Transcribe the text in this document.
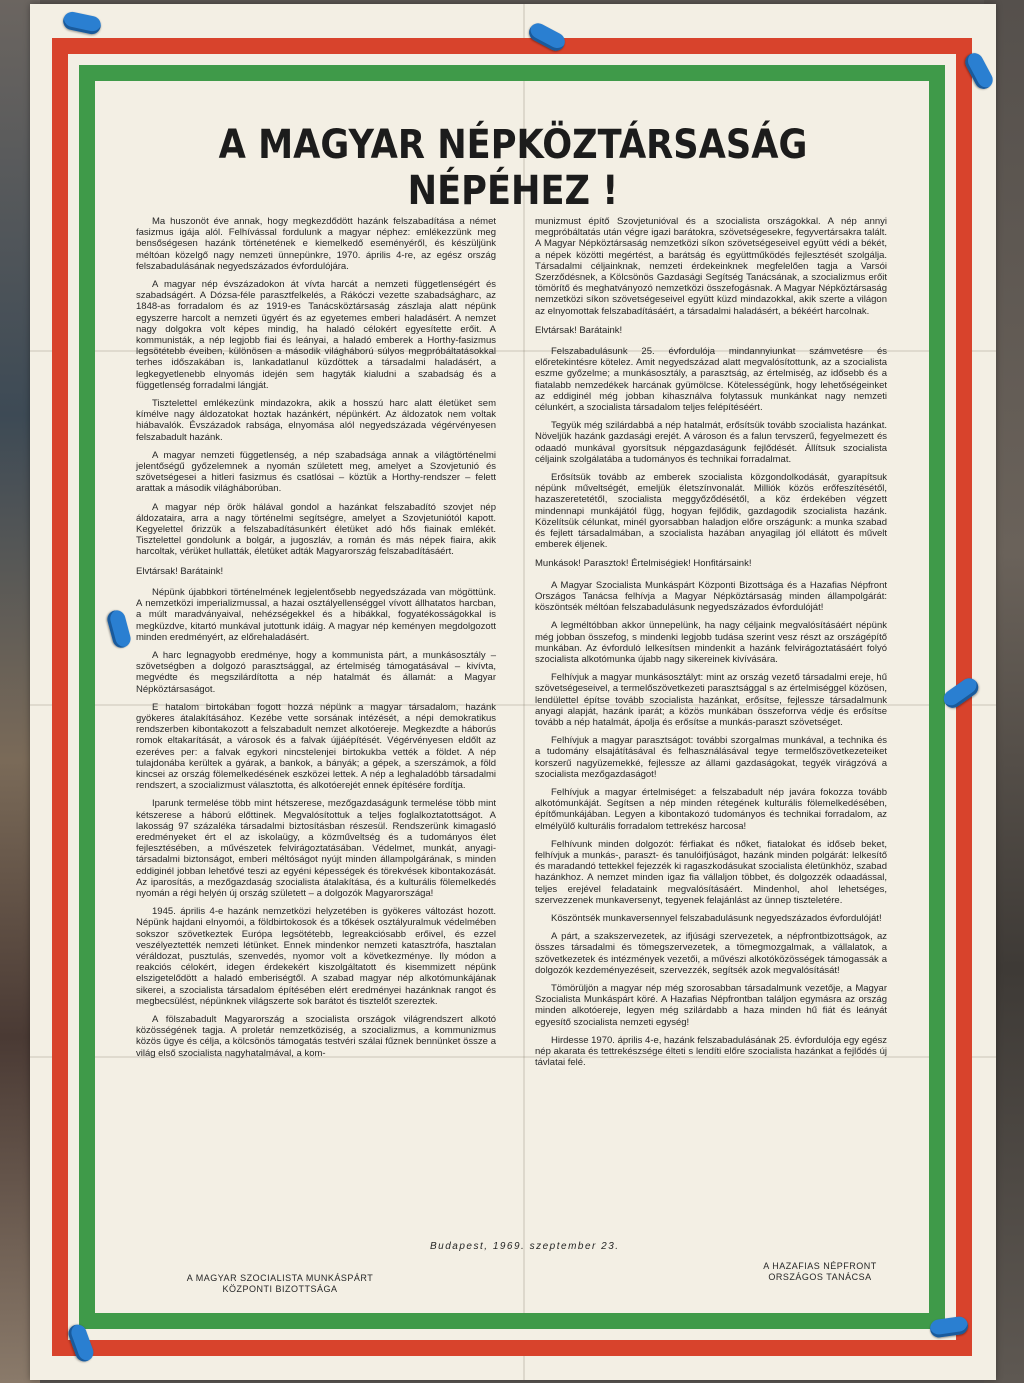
A MAGYAR NÉPKÖZTÁRSASÁG NÉPÉHEZ !

Ma huszonöt éve annak, hogy megkezdődött hazánk felszabadítása a német fasizmus igája alól. Felhívással fordulunk a magyar néphez: emlékezzünk meg bensőségesen hazánk történetének e kiemelkedő eseményéről, és készüljünk méltóan közelgő nagy nemzeti ünnepünkre, 1970. április 4-re, az egész ország felszabadulásának negyedszázados évfordulójára.

A magyar nép évszázadokon át vívta harcát a nemzeti függetlenségért és szabadságért. A Dózsa-féle parasztfelkelés, a Rákóczi vezette szabadságharc, az 1848-as forradalom és az 1919-es Tanácsköztársaság zászlaja alatt népünk egyszerre harcolt a nemzeti ügyért és az egyetemes emberi haladásért. A nemzet nagy dolgokra volt képes mindig, ha haladó célokért egyesítette erőit. A kommunisták, a nép legjobb fiai és leányai, a haladó emberek a Horthy-fasizmus legsötétebb éveiben, különösen a második világháború súlyos megpróbáltatásokkal terhes időszakában is, lankadatlanul küzdöttek a társadalmi haladásért, a legkegyetlenebb elnyomás idején sem hagyták kialudni a szabadság és a függetlenség forradalmi lángját.

Tisztelettel emlékezünk mindazokra, akik a hosszú harc alatt életüket sem kímélve nagy áldozatokat hoztak hazánkért, népünkért. Az áldozatok nem voltak hiábavalók. Évszázadok rabsága, elnyomása alól negyedszázada végérvényesen felszabadult hazánk.

A magyar nemzeti függetlenség, a nép szabadsága annak a világtörténelmi jelentőségű győzelemnek a nyomán született meg, amelyet a Szovjetunió és szövetségesei a hitleri fasizmus és csatlósai – köztük a Horthy-rendszer – felett arattak a második világháborúban.

A magyar nép örök hálával gondol a hazánkat felszabadító szovjet nép áldozataira, arra a nagy történelmi segítségre, amelyet a Szovjetuniótól kapott. Kegyelettel őrizzük a felszabadításunkért életüket adó hős fiainak emlékét. Tisztelettel gondolunk a bolgár, a jugoszláv, a román és más népek fiaira, akik harcoltak, vérüket hullatták, életüket adták Magyarország felszabadításáért.

Elvtársak! Barátaink!

Népünk újabbkori történelmének legjelentősebb negyedszázada van mögöttünk. A nemzetközi imperializmussal, a hazai osztályellenséggel vívott állhatatos harcban, a múlt maradványaival, nehézségekkel és a hibákkal, fogyatékosságokkal is megküzdve, kitartó munkával jutottunk idáig. A magyar nép keményen megdolgozott minden eredményért, az előrehaladásért.

A harc legnagyobb eredménye, hogy a kommunista párt, a munkásosztály – szövetségben a dolgozó parasztsággal, az értelmiség támogatásával – kivívta, megvédte és megszilárdította a nép hatalmát és államát: a Magyar Népköztársaságot.

E hatalom birtokában fogott hozzá népünk a magyar társadalom, hazánk gyökeres átalakításához. Kezébe vette sorsának intézését, a népi demokratikus rendszerben kibontakozott a felszabadult nemzet alkotóereje. Megkezdte a háborús romok eltakarítását, a városok és a falvak újjáépítését. Végérvényesen eldőlt az ezeréves per: a falvak egykori nincstelenjei birtokukba vették a földet. A nép tulajdonába kerültek a gyárak, a bankok, a bányák; a gépek, a szerszámok, a föld kincsei az ország fölemelkedésének eszközei lettek. A nép a leghaladóbb társadalmi rendszert, a szocializmust választotta, és alkotóerejét ennek építésére fordítja.

Iparunk termelése több mint hétszerese, mezőgazdaságunk termelése több mint kétszerese a háború előttinek. Megvalósítottuk a teljes foglalkoztatottságot. A lakosság 97 százaléka társadalmi biztosításban részesül. Rendszerünk kimagasló eredményeket ért el az iskolaügy, a közműveltség és a tudományos élet fejlesztésében, a művészetek felvirágoztatásában. Védelmet, munkát, anyagi-társadalmi biztonságot, emberi méltóságot nyújt minden állampolgárának, s minden eddiginél jobban lehetővé teszi az egyéni képességek és törekvések kibontakozását. Az iparosítás, a mezőgazdaság szocialista átalakítása, és a kulturális fölemelkedés nyomán a régi helyén új ország született – a dolgozók Magyarországa!

1945. április 4-e hazánk nemzetközi helyzetében is gyökeres változást hozott. Népünk hajdani elnyomói, a földbirtokosok és a tőkések osztályuralmuk védelmében sokszor szövetkeztek Európa legsötétebb, legreakciósabb erőivel, és ezzel veszélyeztették nemzeti létünket. Ennek mindenkor nemzeti katasztrófa, hasztalan véráldozat, pusztulás, szenvedés, nyomor volt a következménye. Ily módon a reakciós célokért, idegen érdekekért kiszolgáltatott és kisemmizett népünk elszigetelődött a haladó emberiségtől. A szabad magyar nép alkotómunkájának sikerei, a szocialista társadalom építésében elért eredményei hazánknak rangot és megbecsülést, népünknek világszerte sok barátot és tisztelőt szereztek.

A fölszabadult Magyarország a szocialista országok világrendszert alkotó közösségének tagja. A proletár nemzetköziség, a szocializmus, a kommunizmus közös ügye és célja, a kölcsönös támogatás testvéri szálai fűznek bennünket össze a világ első szocialista nagyhatalmával, a kom-

munizmust építő Szovjetunióval és a szocialista országokkal. A nép annyi megpróbáltatás után végre igazi barátokra, szövetségesekre, fegyvertársakra talált. A Magyar Népköztársaság nemzetközi síkon szövetségeseivel együtt védi a békét, a népek közötti megértést, a barátság és együttműködés fejlesztését szolgálja. Társadalmi céljainknak, nemzeti érdekeinknek megfelelően tagja a Varsói Szerződésnek, a Kölcsönös Gazdasági Segítség Tanácsának, a szocializmus erőit tömörítő és meghatványozó nemzetközi összefogásnak. A Magyar Népköztársaság nemzetközi síkon szövetségeseivel együtt küzd mindazokkal, akik szerte a világon az elnyomottak felszabadításáért, a társadalmi haladásért, a békéért harcolnak.

Elvtársak! Barátaink!

Felszabadulásunk 25. évfordulója mindannyiunkat számvetésre és előretekintésre kötelez. Amit negyedszázad alatt megvalósítottunk, az a szocialista eszme győzelme; a munkásosztály, a parasztság, az értelmiség, az idősebb és a fiatalabb nemzedékek harcának gyümölcse. Kötelességünk, hogy lehetőségeinket az eddiginél még jobban kihasználva folytassuk munkánkat nagy nemzeti célunkért, a szocialista társadalom teljes felépítéséért.

Tegyük még szilárdabbá a nép hatalmát, erősítsük tovább szocialista hazánkat. Növeljük hazánk gazdasági erejét. A városon és a falun tervszerű, fegyelmezett és odaadó munkával gyorsítsuk népgazdaságunk fejlődését. Állítsuk szocialista céljaink szolgálatába a tudományos és technikai forradalmat.

Erősítsük tovább az emberek szocialista közgondolkodását, gyarapítsuk népünk műveltségét, emeljük életszínvonalát. Milliók közös erőfeszítésétől, hazaszeretetétől, szocialista meggyőződésétől, a köz érdekében végzett mindennapi munkájától függ, hogyan fejlődik, gazdagodik szocialista hazánk. Közelítsük célunkat, minél gyorsabban haladjon előre országunk: a munka szabad és fejlett társadalmában, a szocialista hazában anyagilag jól ellátott és művelt emberek éljenek.

Munkások! Parasztok! Értelmiségiek! Honfitársaink!

A Magyar Szocialista Munkáspárt Központi Bizottsága és a Hazafias Népfront Országos Tanácsa felhívja a Magyar Népköztársaság minden állampolgárát: köszöntsék méltóan felszabadulásunk negyedszázados évfordulóját!

A legméltóbban akkor ünnepelünk, ha nagy céljaink megvalósításáért népünk még jobban összefog, s mindenki legjobb tudása szerint vesz részt az országépítő munkában. Az évforduló lelkesítsen mindenkit a hazánk felvirágoztatásáért folyó szocialista alkotómunka újabb nagy sikereinek kivívására.

Felhívjuk a magyar munkásosztályt: mint az ország vezető társadalmi ereje, hű szövetségeseivel, a termelőszövetkezeti parasztsággal s az értelmiséggel közösen, lendülettel építse tovább szocialista hazánkat, erősítse, fejlessze társadalmunk anyagi alapját, hazánk iparát; a közös munkában összeforrva védje és erősítse tovább a nép hatalmát, ápolja és erősítse a munkás-paraszt szövetséget.

Felhívjuk a magyar parasztságot: további szorgalmas munkával, a technika és a tudomány elsajátításával és felhasználásával tegye termelőszövetkezeteiket korszerű nagyüzemekké, fejlessze az állami gazdaságokat, tegyék virágzóvá a szocialista mezőgazdaságot!

Felhívjuk a magyar értelmiséget: a felszabadult nép javára fokozza tovább alkotómunkáját. Segítsen a nép minden rétegének kulturális fölemelkedésében, építőmunkájában. Legyen a kibontakozó tudományos és technikai forradalom, az elmélyülő kulturális forradalom tettrekész harcosa!

Felhívunk minden dolgozót: férfiakat és nőket, fiatalokat és időseb beket, felhívjuk a munkás-, paraszt- és tanulóifjúságot, hazánk minden polgárát: lelkesítő és maradandó tettekkel fejezzék ki ragaszkodásukat szocialista életünkhöz, szabad hazánkhoz. A nemzet minden igaz fia vállaljon többet, és dolgozzék odaadással, teljes erejével feladataink megvalósításáért. Mindenhol, ahol lehetséges, szervezzenek munkaversenyt, tegyenek felajánlást az ünnep tiszteletére.

Köszöntsék munkaversennyel felszabadulásunk negyedszázados évfordulóját!

A párt, a szakszervezetek, az ifjúsági szervezetek, a népfrontbizottságok, az összes társadalmi és tömegszervezetek, a tömegmozgalmak, a vállalatok, a szövetkezetek és intézmények vezetői, a művészi alkotóközösségek támogassák a dolgozók kezdeményezéseit, szervezzék, segítsék azok megvalósítását!

Tömörüljön a magyar nép még szorosabban társadalmunk vezetője, a Magyar Szocialista Munkáspárt köré. A Hazafias Népfrontban találjon egymásra az ország minden alkotóereje, legyen még szilárdabb a haza minden hű fiát és leányát egyesítő szocialista nemzeti egység!

Hirdesse 1970. április 4-e, hazánk felszabadulásának 25. évfordulója egy egész nép akarata és tettrekészsége élteti s lendíti előre szocialista hazánkat a fejlődés új távlatai felé.

Budapest, 1969. szeptember 23.
A MAGYAR SZOCIALISTA MUNKÁSPÁRT
KÖZPONTI BIZOTTSÁGA
A HAZAFIAS NÉPFRONT
ORSZÁGOS TANÁCSA
